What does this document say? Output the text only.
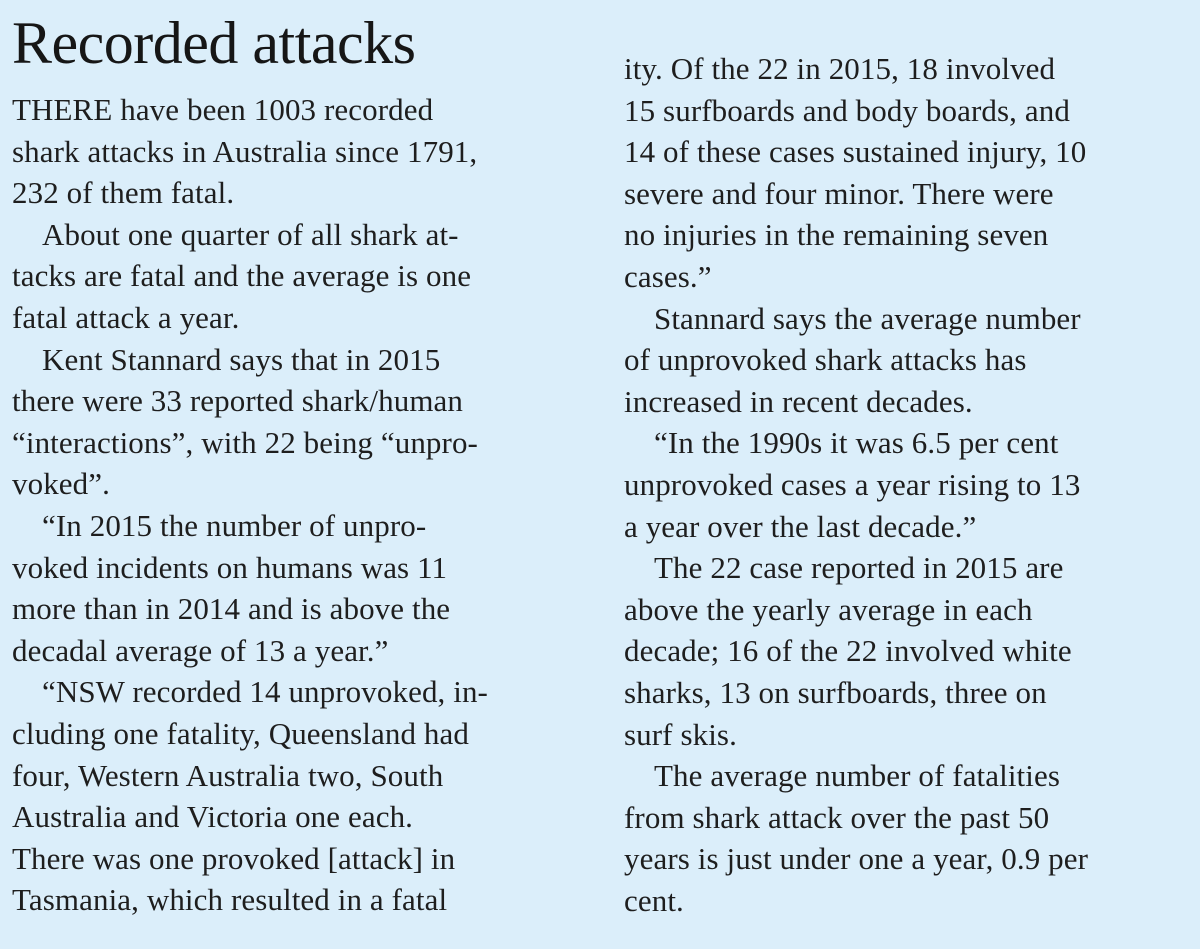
Recorded attacks

THERE have been 1003 recorded
shark attacks in Australia since 1791,
232 of them fatal.

About one quarter of all shark at-
tacks are fatal and the average is one
fatal attack a year.

Kent Stannard says that in 2015
there were 33 reported shark/human
“interactions”, with 22 being “unpro-
voked”.

“In 2015 the number of unpro-
voked incidents on humans was 11
more than in 2014 and is above the
decadal average of 13 a year.”

“NSW recorded 14 unprovoked, in-
cluding one fatality, Queensland had
four, Western Australia two, South
Australia and Victoria one each.
There was one provoked [attack] in
Tasmania, which resulted in a fatal

ity. Of the 22 in 2015, 18 involved
15 surfboards and body boards, and
14 of these cases sustained injury, 10
severe and four minor. There were
no injuries in the remaining seven
cases.”

Stannard says the average number
of unprovoked shark attacks has
increased in recent decades.

“In the 1990s it was 6.5 per cent
unprovoked cases a year rising to 13
a year over the last decade.”

The 22 case reported in 2015 are
above the yearly average in each
decade; 16 of the 22 involved white
sharks, 13 on surfboards, three on
surf skis.

The average number of fatalities
from shark attack over the past 50
years is just under one a year, 0.9 per
cent.
